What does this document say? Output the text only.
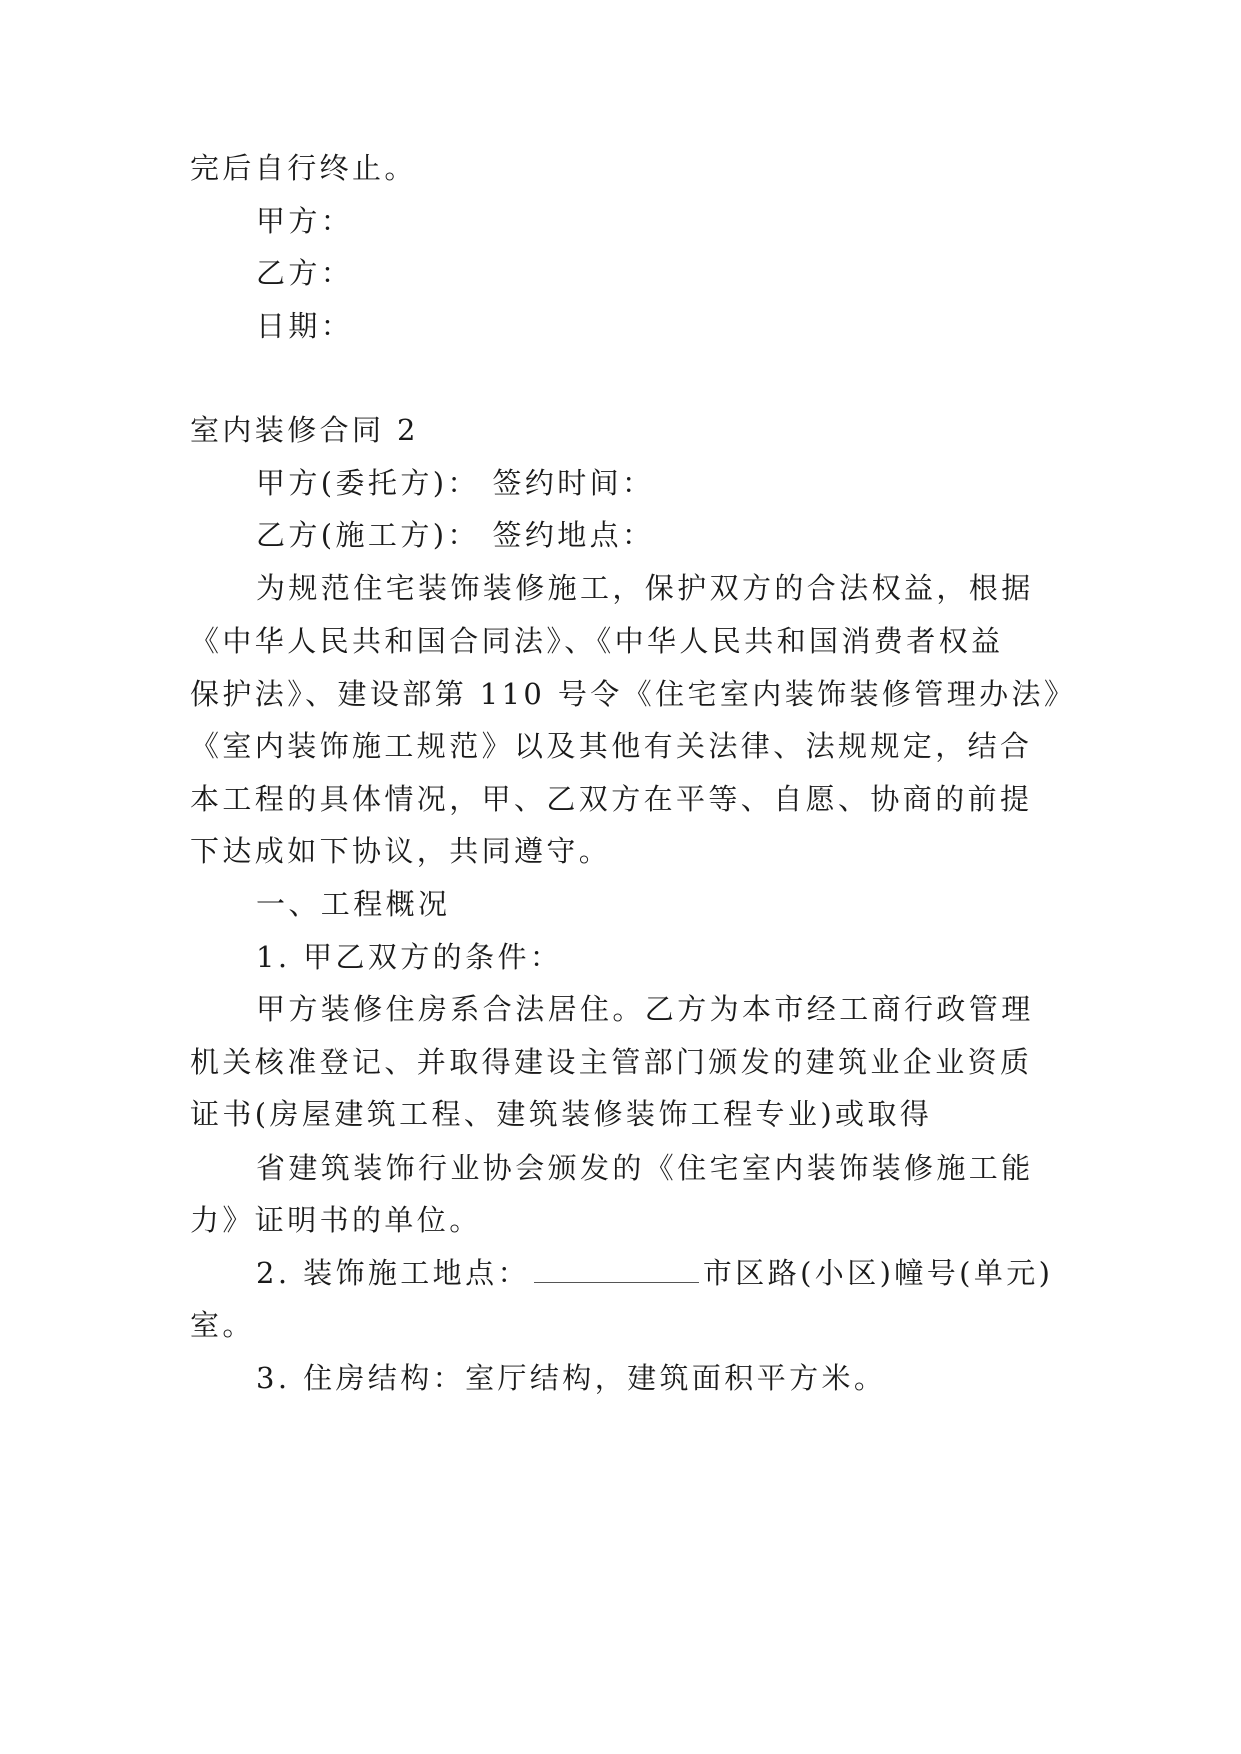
完后自行终止。
甲方：
乙方：
日期：
室内装修合同 2
甲方(委托方)： 签约时间：
乙方(施工方)： 签约地点：
为规范住宅装饰装修施工，保护双方的合法权益，根据
《中华人民共和国合同法》、《中华人民共和国消费者权益
保护法》、建设部第 110 号令《住宅室内装饰装修管理办法》
《室内装饰施工规范》以及其他有关法律、法规规定，结合
本工程的具体情况，甲、乙双方在平等、自愿、协商的前提
下达成如下协议，共同遵守。
一、工程概况
1. 甲乙双方的条件：
甲方装修住房系合法居住。乙方为本市经工商行政管理
机关核准登记、并取得建设主管部门颁发的建筑业企业资质
证书(房屋建筑工程、建筑装修装饰工程专业)或取得
省建筑装饰行业协会颁发的《住宅室内装饰装修施工能
力》证明书的单位。
2. 装饰施工地点：	市区路(小区)幢号(单元)
室。
3. 住房结构：室厅结构，建筑面积平方米。
